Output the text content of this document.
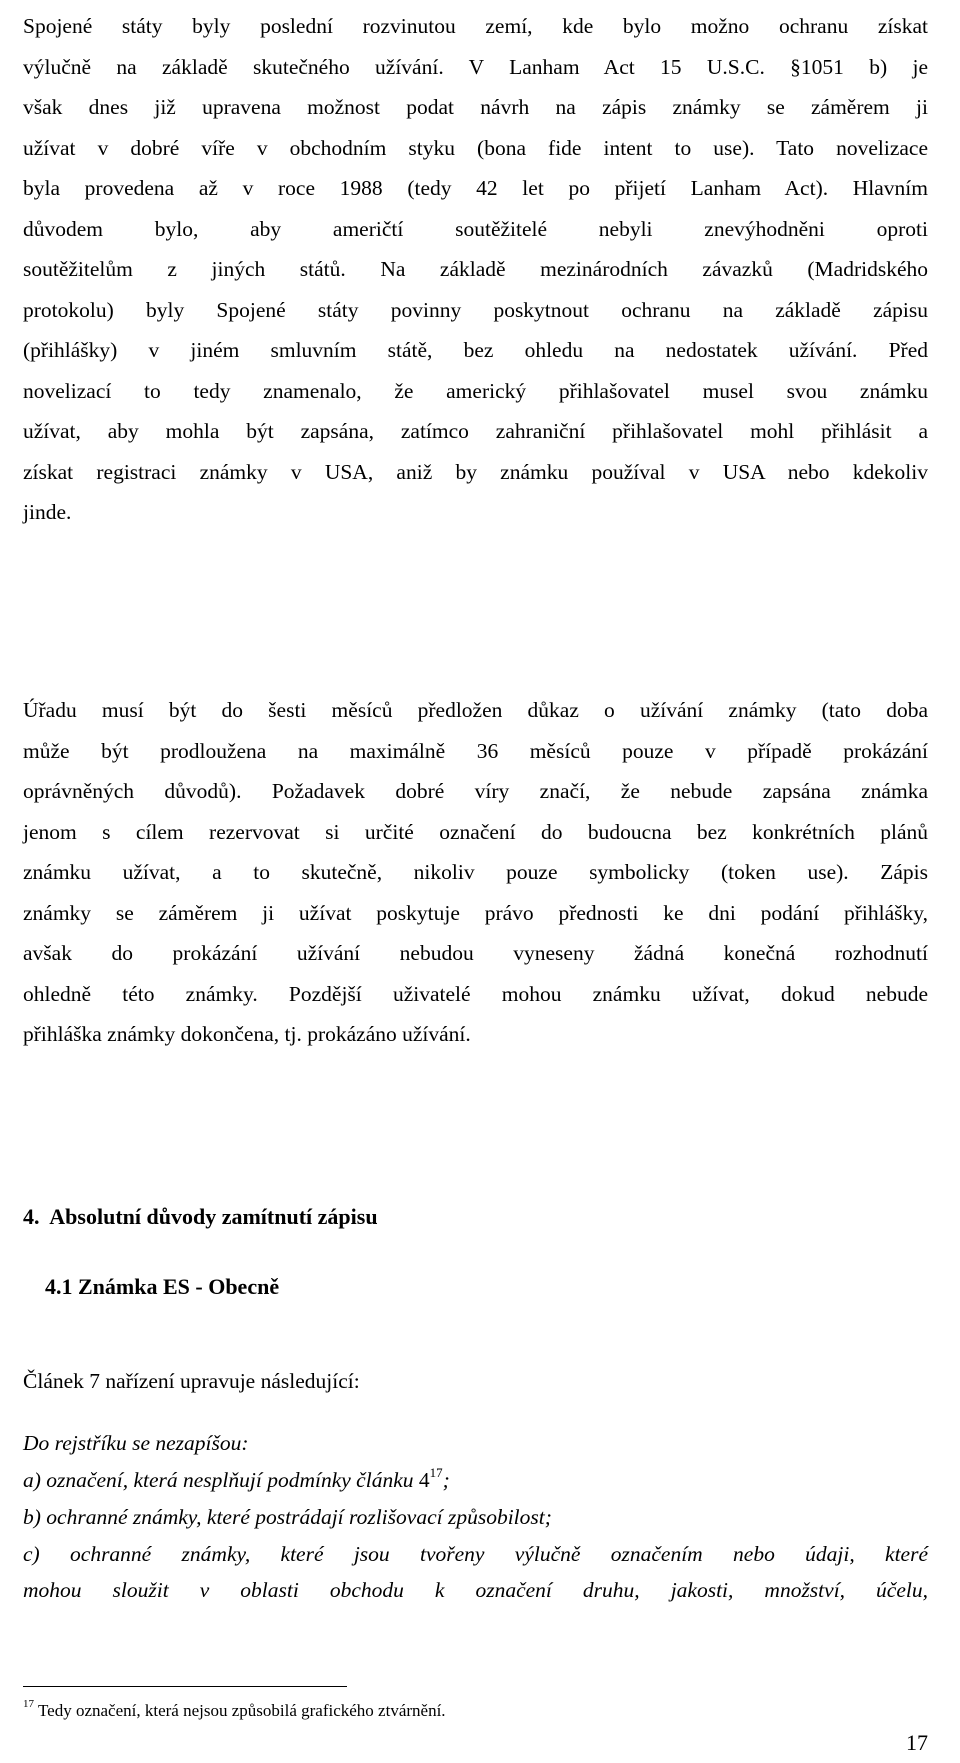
Spojené státy byly poslední rozvinutou zemí, kde bylo možno ochranu získat
výlučně na základě skutečného užívání. V Lanham Act 15 U.S.C. §1051 b) je
však dnes již upravena možnost podat návrh na zápis známky se záměrem ji
užívat v dobré víře v obchodním styku (bona fide intent to use). Tato novelizace
byla provedena až v roce 1988 (tedy 42 let po přijetí Lanham Act). Hlavním
důvodem bylo, aby američtí soutěžitelé nebyli znevýhodněni oproti
soutěžitelům z jiných států. Na základě mezinárodních závazků (Madridského
protokolu) byly Spojené státy povinny poskytnout ochranu na základě zápisu
(přihlášky) v jiném smluvním státě, bez ohledu na nedostatek užívání. Před
novelizací to tedy znamenalo, že americký přihlašovatel musel svou známku
užívat, aby mohla být zapsána, zatímco zahraniční přihlašovatel mohl přihlásit a
získat registraci známky v USA, aniž by známku používal v USA nebo kdekoliv
jinde.
Úřadu musí být do šesti měsíců předložen důkaz o užívání známky (tato doba
může být prodloužena na maximálně 36 měsíců pouze v případě prokázání
oprávněných důvodů). Požadavek dobré víry značí, že nebude zapsána známka
jenom s cílem rezervovat si určité označení do budoucna bez konkrétních plánů
známku užívat, a to skutečně, nikoliv pouze symbolicky (token use). Zápis
známky se záměrem ji užívat poskytuje právo přednosti ke dni podání přihlášky,
avšak do prokázání užívání nebudou vyneseny žádná konečná rozhodnutí
ohledně této známky. Pozdější uživatelé mohou známku užívat, dokud nebude
přihláška známky dokončena, tj. prokázáno užívání.
4. Absolutní důvody zamítnutí zápisu
4.1 Známka ES - Obecně

Článek 7 nařízení upravuje následující:

Do rejstříku se nezapíšou:
a) označení, která nesplňují podmínky článku $4^{17}$;
b) ochranné známky, které postrádají rozlišovací způsobilost;
c) ochranné známky, které jsou tvořeny výlučně označením nebo údaji, které
mohou sloužit v oblasti obchodu k označení druhu, jakosti, množství, účelu,

$^{17}$ Tedy označení, která nejsou způsobilá grafického ztvárnění.

17
